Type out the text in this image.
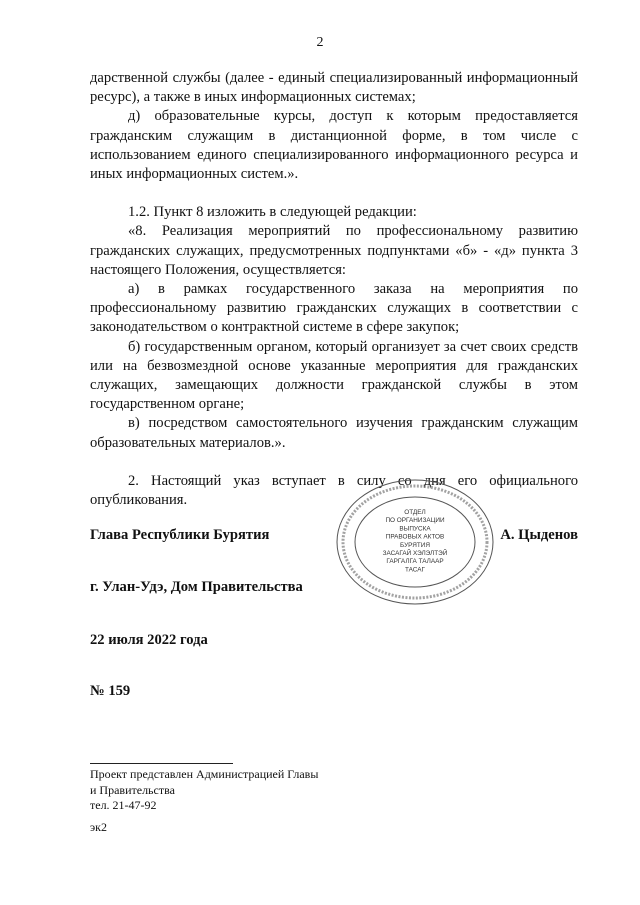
2

дарственной службы (далее - единый специализированный информационный ресурс), а также в иных информационных системах;

д) образовательные курсы, доступ к которым предоставляется гражданским служащим в дистанционной форме, в том числе с использованием единого специализированного информационного ресурса и иных информационных систем.».

1.2. Пункт 8 изложить в следующей редакции:

«8. Реализация мероприятий по профессиональному развитию гражданских служащих, предусмотренных подпунктами «б» - «д» пункта 3 настоящего Положения, осуществляется:

а) в рамках государственного заказа на мероприятия по профессиональному развитию гражданских служащих в соответствии с законодательством о контрактной системе в сфере закупок;

б) государственным органом, который организует за счет своих средств или на безвозмездной основе указанные мероприятия для гражданских служащих, замещающих должности гражданской службы в этом государственном органе;

в) посредством самостоятельного изучения гражданским служащим образовательных материалов.».

2. Настоящий указ вступает в силу со дня его официального опубликования.

ОТДЕЛ
ПО ОРГАНИЗАЦИИ
ВЫПУСКА
ПРАВОВЫХ АКТОВ
БУРЯТИЯ
ЗАСАГАЙ ХЭЛЭЛТЭЙ
ГАРГАЛГА ТАЛААР
ТАСАГ
Глава Республики Бурятия	А. Цыденов
г. Улан-Удэ, Дом Правительства
22 июля 2022 года
№ 159
Проект представлен Администрацией Главы
и Правительства
тел. 21-47-92
эк2
